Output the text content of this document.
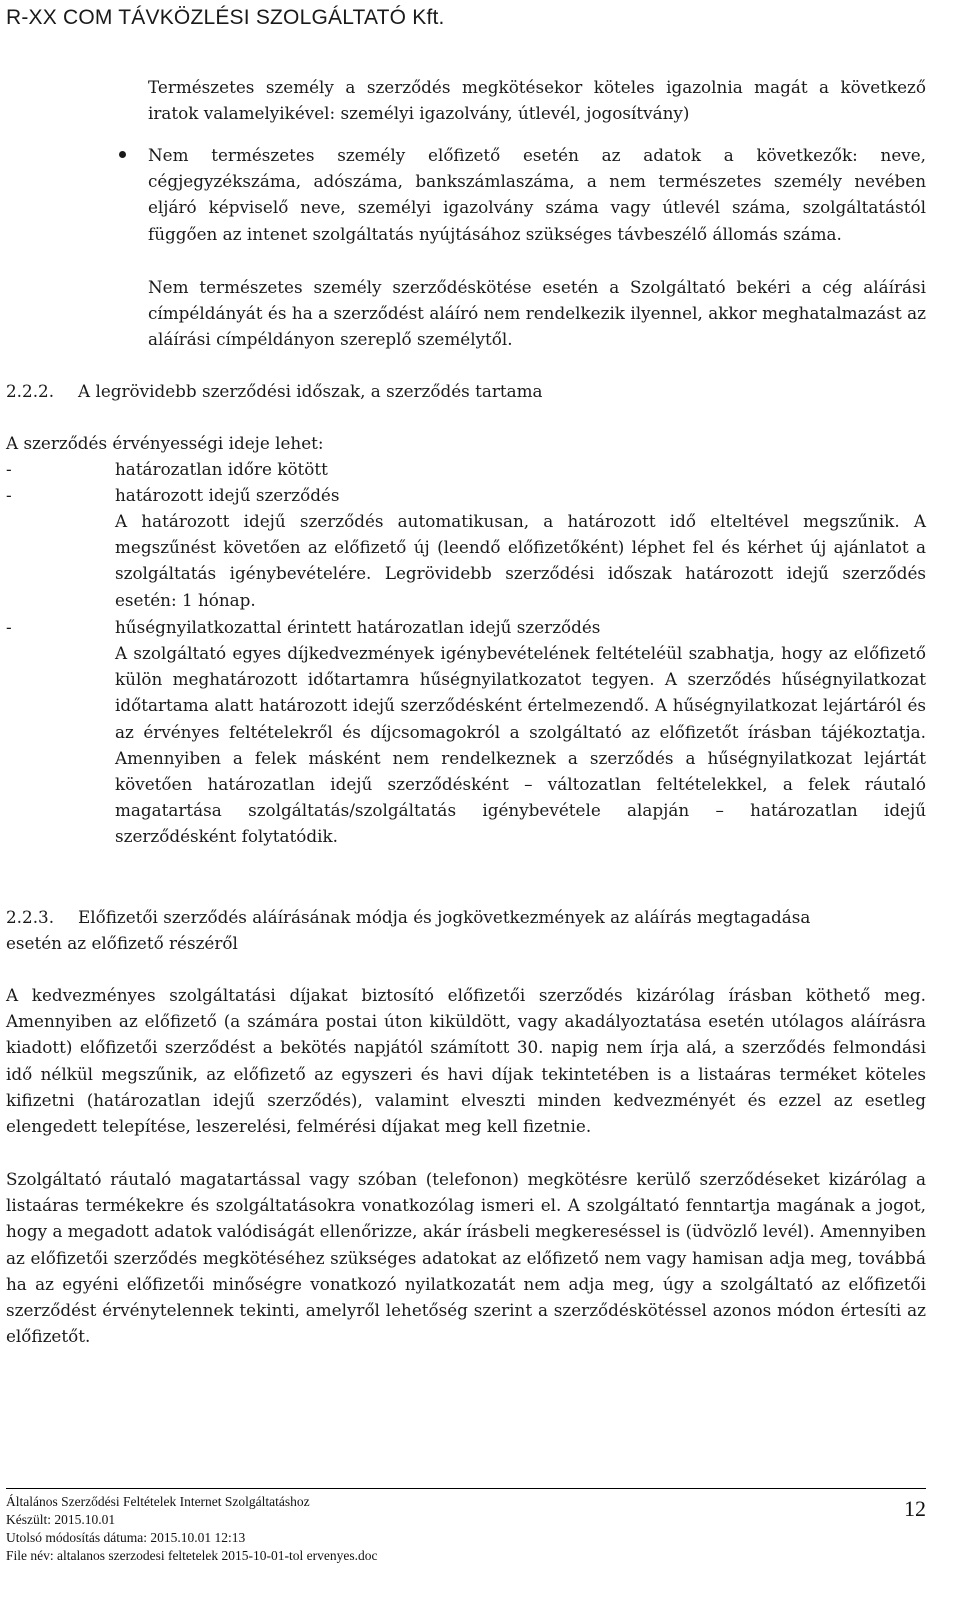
R-XX COM TÁVKÖZLÉSI SZOLGÁLTATÓ Kft.
Természetes személy a szerződés megkötésekor köteles igazolnia magát a következő iratok valamelyikével: személyi igazolvány, útlevél, jogosítvány)
Nem természetes személy előfizető esetén az adatok a következők: neve, cégjegyzékszáma, adószáma, bankszámlaszáma, a nem természetes személy nevében eljáró képviselő neve, személyi igazolvány száma vagy útlevél száma, szolgáltatástól függően az intenet szolgáltatás nyújtásához szükséges távbeszélő állomás száma.
Nem természetes személy szerződéskötése esetén a Szolgáltató bekéri a cég aláírási címpéldányát és ha a szerződést aláíró nem rendelkezik ilyennel, akkor meghatalmazást az aláírási címpéldányon szereplő személytől.
2.2.2. A legrövidebb szerződési időszak, a szerződés tartama
A szerződés érvényességi ideje lehet:
-	határozatlan időre kötött
-	határozott idejű szerződés
A határozott idejű szerződés automatikusan, a határozott idő elteltével megszűnik. A megszűnést követően az előfizető új (leendő előfizetőként) léphet fel és kérhet új ajánlatot a szolgáltatás igénybevételére. Legrövidebb szerződési időszak határozott idejű szerződés esetén: 1 hónap.
-	hűségnyilatkozattal érintett határozatlan idejű szerződés
A szolgáltató egyes díjkedvezmények igénybevételének feltételéül szabhatja, hogy az előfizető külön meghatározott időtartamra hűségnyilatkozatot tegyen. A szerződés hűségnyilatkozat időtartama alatt határozott idejű szerződésként értelmezendő. A hűségnyilatkozat lejártáról és az érvényes feltételekről és díjcsomagokról a szolgáltató az előfizetőt írásban tájékoztatja. Amennyiben a felek másként nem rendelkeznek a szerződés a hűségnyilatkozat lejártát követően határozatlan idejű szerződésként – változatlan feltételekkel, a felek ráutaló magatartása szolgáltatás/szolgáltatás igénybevétele alapján – határozatlan idejű szerződésként folytatódik.
2.2.3. Előfizetői szerződés aláírásának módja és jogkövetkezmények az aláírás megtagadása
esetén az előfizető részéről
A kedvezményes szolgáltatási díjakat biztosító előfizetői szerződés kizárólag írásban köthető meg. Amennyiben az előfizető (a számára postai úton kiküldött, vagy akadályoztatása esetén utólagos aláírásra kiadott) előfizetői szerződést a bekötés napjától számított 30. napig nem írja alá, a szerződés felmondási idő nélkül megszűnik, az előfizető az egyszeri és havi díjak tekintetében is a listaáras terméket köteles kifizetni (határozatlan idejű szerződés), valamint elveszti minden kedvezményét és ezzel az esetleg elengedett telepítése, leszerelési, felmérési díjakat meg kell fizetnie.
Szolgáltató ráutaló magatartással vagy szóban (telefonon) megkötésre kerülő szerződéseket kizárólag a listaáras termékekre és szolgáltatásokra vonatkozólag ismeri el. A szolgáltató fenntartja magának a jogot, hogy a megadott adatok valódiságát ellenőrizze, akár írásbeli megkereséssel is (üdvözlő levél). Amennyiben az előfizetői szerződés megkötéséhez szükséges adatokat az előfizető nem vagy hamisan adja meg, továbbá ha az egyéni előfizetői minőségre vonatkozó nyilatkozatát nem adja meg, úgy a szolgáltató az előfizetői szerződést érvénytelennek tekinti, amelyről lehetőség szerint a szerződéskötéssel azonos módon értesíti az előfizetőt.
Általános Szerződési Feltételek Internet Szolgáltatáshoz
Készült: 2015.10.01
Utolsó módosítás dátuma: 2015.10.01 12:13
File név: altalanos szerzodesi feltetelek 2015-10-01-tol ervenyes.doc
12
